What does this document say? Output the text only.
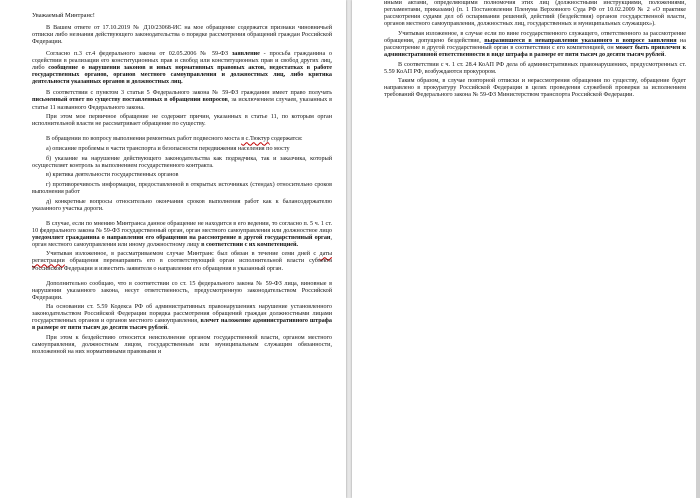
Уважаемый Минтранс!

В Вашем ответе от 17.10.2019 № Д10/23068-ИС на мое обращение содержатся признаки чиновничьей отписки либо незнания действующего законодательства о порядке рассмотрения обращений граждан Российской Федерации.

Согласно п.3 ст.4 федерального закона от 02.05.2006 № 59-ФЗ заявление - просьба гражданина о содействии в реализации его конституционных прав и свобод или конституционных прав и свобод других лиц, либо сообщение о нарушении законов и иных нормативных правовых актов, недостатках в работе государственных органов, органов местного самоуправления и должностных лиц, либо критика деятельности указанных органов и должностных лиц.

В соответствии с пунктом 3 статьи 5 Федерального закона № 59-ФЗ гражданин имеет право получать письменный ответ по существу поставленных в обращении вопросов, за исключением случаев, указанных в статье 11 названного Федерального закона.

При этом мое первичное обращение не содержит причин, указанных в статье 11, по которым орган исполнительной власти не рассматривает обращение по существу.

В обращении по вопросу выполнения ремонтных работ подвесного моста в с.Тюктур содержатся:

а) описание проблемы в части транспорта и безопасности передвижения населения по мосту

б) указание на нарушение действующего законодательства как подрядчика, так и заказчика, который осуществляет контроль за выполнением государственного контракта.

в) критика деятельности государственных органов

г) противоречивость информации, предоставленной в открытых источниках (стендах) относительно сроков выполнения работ

д) конкретные вопросы относительно окончания сроков выполнения работ как к балансодержателю указанного участка дороги.

В случае, если по мнению Минтранса данное обращение не находится в его ведении, то согласно п. 5 ч. 1 ст. 10 федерального закона № 59-ФЗ государственный орган, орган местного самоуправления или должностное лицо уведомляет гражданина о направлении его обращения на рассмотрение в другой государственный орган, орган местного самоуправления или иному должностному лицу в соответствии с их компетенцией.

Учитывая изложенное, в рассматриваемом случае Минтранс был обязан в течение семи дней с даты регистрации обращения перенаправить его в соответствующий орган исполнительной власти субъекта Российской Федерации и известить заявителя о направлении его обращения в указанный орган.

Дополнительно сообщаю, что в соответствии со ст. 15 федерального закона № 59-ФЗ лица, виновные в нарушении указанного закона, несут ответственность, предусмотренную законодательством Российской Федерации.

На основании ст. 5.59 Кодекса РФ об административных правонарушениях нарушение установленного законодательством Российской Федерации порядка рассмотрения обращений граждан должностными лицами государственных органов и органов местного самоуправления, влечет наложение административного штрафа в размере от пяти тысяч до десяти тысяч рублей.

При этом к бездействию относится неисполнение органом государственной власти, органом местного самоуправления, должностным лицом, государственным или муниципальным служащим обязанности, возложенной на них нормативными правовыми и

иными актами, определяющими полномочия этих лиц (должностными инструкциями, положениями, регламентами, приказами) (п. 1 Постановления Пленума Верховного Суда РФ от 10.02.2009 № 2 «О практике рассмотрения судами дел об оспаривании решений, действий (бездействия) органов государственной власти, органов местного самоуправления, должностных лиц, государственных и муниципальных служащих»).

Учитывая изложенное, в случае если по вине государственного служащего, ответственного за рассмотрение обращения, допущено бездействие, выразившееся в ненаправлении указанного в вопросе заявления на рассмотрение в другой государственный орган в соответствии с его компетенцией, он может быть привлечен к административной ответственности в виде штрафа в размере от пяти тысяч до десяти тысяч рублей.

В соответствии с ч. 1 ст. 28.4 КоАП РФ дела об административных правонарушениях, предусмотренных ст. 5.59 КоАП РФ, возбуждаются прокурором.

Таким образом, в случае повторной отписки и нерассмотрения обращения по существу, обращение будет направлено в прокуратуру Российской Федерации в целях проведения служебной проверки за исполнением требований Федерального закона № 59-ФЗ Министерством транспорта Российской Федерации.
